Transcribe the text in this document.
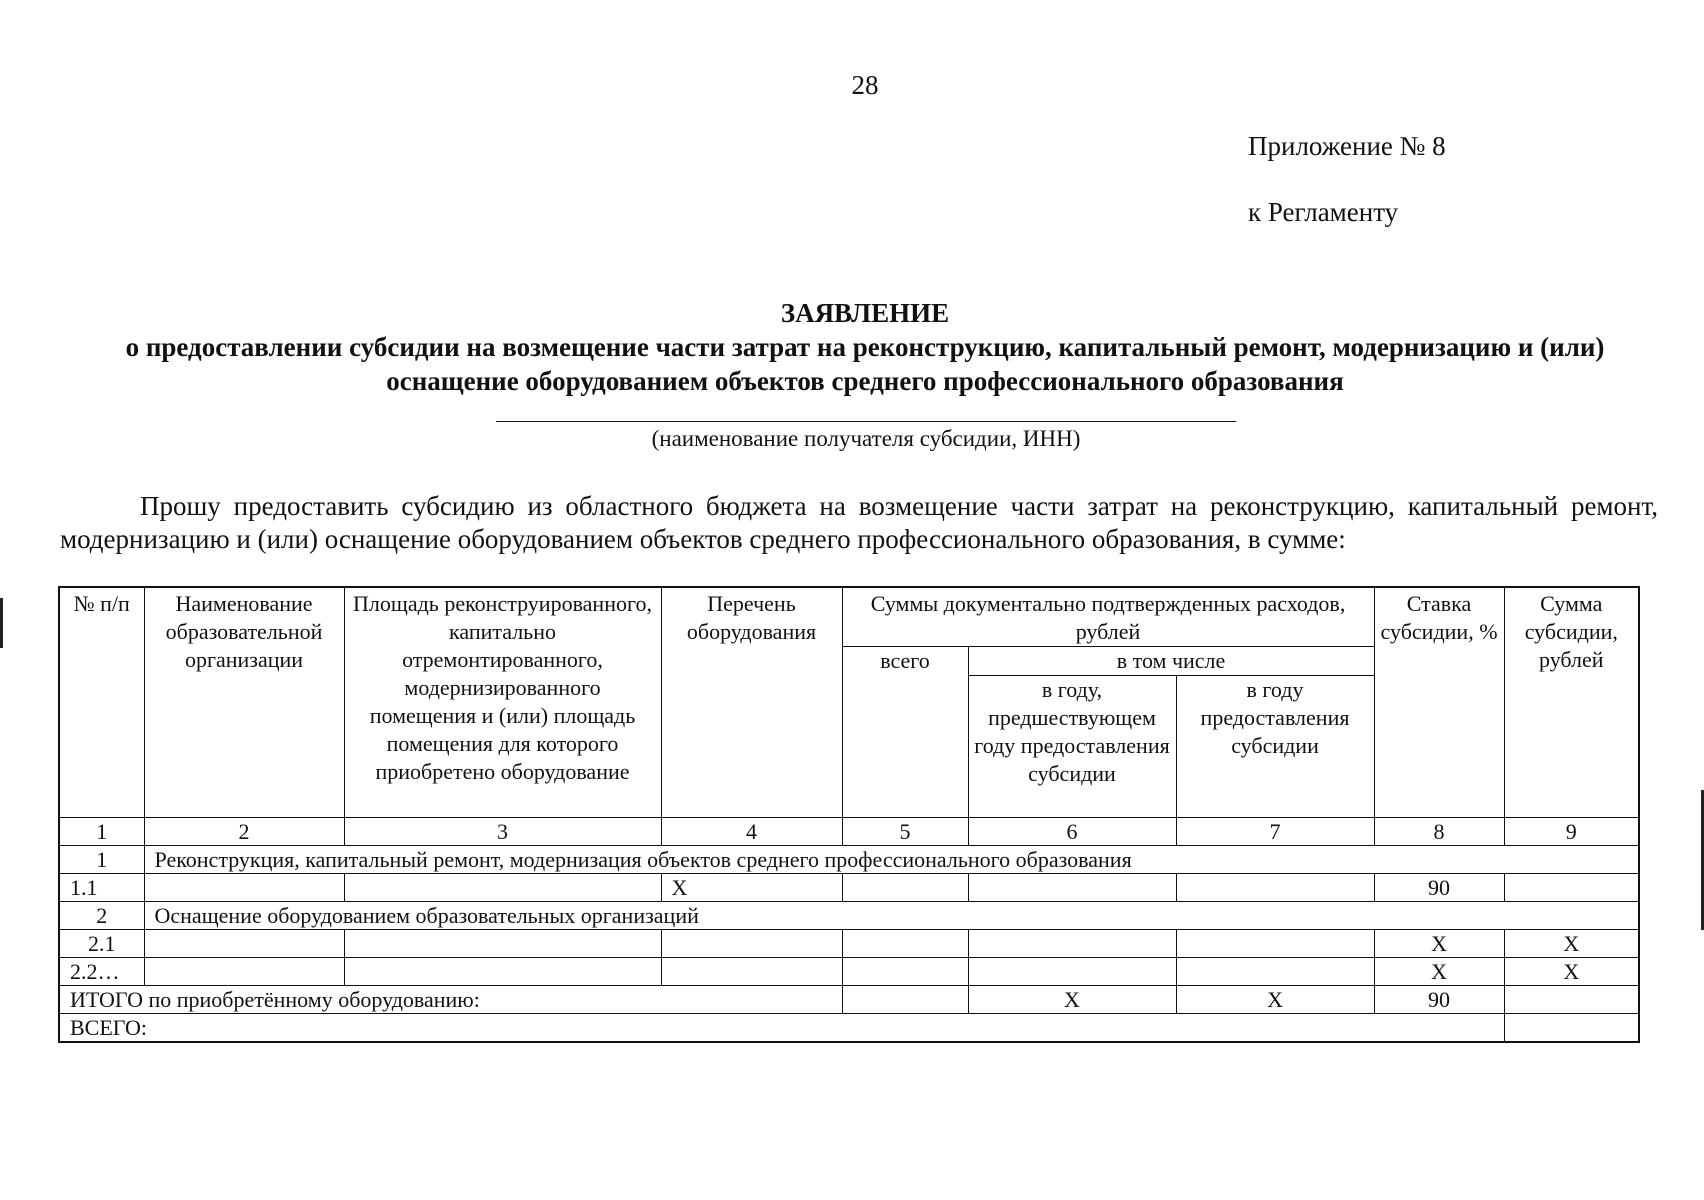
28
Приложение № 8
к Регламенту
ЗАЯВЛЕНИЕ
о предоставлении субсидии на возмещение части затрат на реконструкцию, капитальный ремонт, модернизацию и (или) оснащение оборудованием объектов среднего профессионального образования
(наименование получателя субсидии, ИНН)
Прошу предоставить субсидию из областного бюджета на возмещение части затрат на реконструкцию, капитальный ремонт, модернизацию и (или) оснащение оборудованием объектов среднего профессионального образования, в сумме:
№ п/п	Наименование образовательной организации	Площадь реконструированного, капитально отремонтированного, модернизированного помещения и (или) площадь помещения для которого приобретено оборудование	Перечень оборудования	Суммы документально подтвержденных расходов, рублей			Ставка субсидии, %	Сумма субсидии, рублей
				всего	в том числе			
					в году, предшествующем году предоставления субсидии	в году предоставления субсидии		
1	2	3	4	5	6	7	8	9
1	Реконструкция, капитальный ремонт, модернизация объектов среднего профессионального образования							
1.1			X				90	
2	Оснащение оборудованием образовательных организаций							
2.1							X	X
2.2…							X	X
ИТОГО по приобретённому оборудованию:					X	X	90	
ВСЕГО:								
